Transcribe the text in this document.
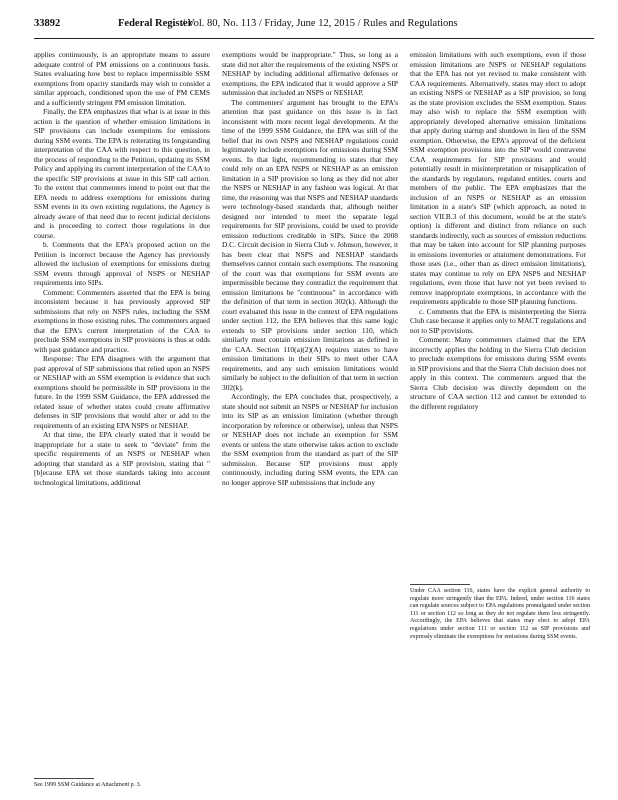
33892	Federal Register
/ Vol. 80, No. 113 / Friday, June 12, 2015 / Rules and Regulations

applies continuously, is an appropriate means to assure adequate control of PM emissions on a continuous basis. States evaluating how best to replace impermissible SSM exemptions from opacity standards may wish to consider a similar approach, conditioned upon the use of PM CEMS and a sufficiently stringent PM emission limitation.

Finally, the EPA emphasizes that what is at issue in this action is the question of whether emission limitations in SIP provisions can include exemptions for emissions during SSM events. The EPA is reiterating its longstanding interpretation of the CAA with respect to this question, in the process of responding to the Petition, updating its SSM Policy and applying its current interpretation of the CAA to the specific SIP provisions at issue in this SIP call action. To the extent that commenters intend to point out that the EPA needs to address exemptions for emissions during SSM events in its own existing regulations, the Agency is already aware of that need due to recent judicial decisions and is proceeding to correct those regulations in due course.

b. Comments that the EPA's proposed action on the Petition is incorrect because the Agency has previously allowed the inclusion of exemptions for emissions during SSM events through approval of NSPS or NESHAP requirements into SIPs.

Comment: Commenters asserted that the EPA is being inconsistent because it has previously approved SIP submissions that rely on NSPS rules, including the SSM exemptions in those existing rules. The commenters argued that the EPA's current interpretation of the CAA to preclude SSM exemptions in SIP provisions is thus at odds with past guidance and practice.

Response: The EPA disagrees with the argument that past approval of SIP submissions that relied upon an NSPS or NESHAP with an SSM exemption is evidence that such exemptions should be permissible in SIP provisions in the future. In the 1999 SSM Guidance, the EPA addressed the related issue of whether states could create affirmative defenses in SIP provisions that would alter or add to the requirements of an existing EPA NSPS or NESHAP.

At that time, the EPA clearly stated that it would be inappropriate for a state to seek to "deviate" from the specific requirements of an NSPS or NESHAP when adopting that standard as a SIP provision, stating that "[b]ecause EPA set those standards taking into account technological limitations, additional

exemptions would be inappropriate." Thus, so long as a state did not alter the requirements of the existing NSPS or NESHAP by including additional affirmative defenses or exemptions, the EPA indicated that it would approve a SIP submission that included an NSPS or NESHAP.

The commenters' argument has brought to the EPA's attention that past guidance on this issue is in fact inconsistent with more recent legal developments. At the time of the 1999 SSM Guidance, the EPA was still of the belief that its own NSPS and NESHAP regulations could legitimately include exemptions for emissions during SSM events. In that light, recommending to states that they could rely on an EPA NSPS or NESHAP as an emission limitation in a SIP provision so long as they did not alter the NSPS or NESHAP in any fashion was logical. At that time, the reasoning was that NSPS and NESHAP standards were technology-based standards that, although neither designed nor intended to meet the separate legal requirements for SIP provisions, could be used to provide emission reductions creditable in SIPs. Since the 2008 D.C. Circuit decision in Sierra Club v. Johnson, however, it has been clear that NSPS and NESHAP standards themselves cannot contain such exemptions. The reasoning of the court was that exemptions for SSM events are impermissible because they contradict the requirement that emission limitations be "continuous" in accordance with the definition of that term in section 302(k). Although the court evaluated this issue in the context of EPA regulations under section 112, the EPA believes that this same logic extends to SIP provisions under section 110, which similarly must contain emission limitations as defined in the CAA. Section 110(a)(2)(A) requires states to have emission limitations in their SIPs to meet other CAA requirements, and any such emission limitations would similarly be subject to the definition of that term in section 302(k).

Accordingly, the EPA concludes that, prospectively, a state should not submit an NSPS or NESHAP for inclusion into its SIP as an emission limitation (whether through incorporation by reference or otherwise), unless that NSPS or NESHAP does not include an exemption for SSM events or unless the state otherwise takes action to exclude the SSM exemption from the standard as part of the SIP submission. Because SIP provisions must apply continuously, including during SSM events, the EPA can no longer approve SIP submissions that include any

emission limitations with such exemptions, even if those emission limitations are NSPS or NESHAP regulations that the EPA has not yet revised to make consistent with CAA requirements. Alternatively, states may elect to adopt an existing NSPS or NESHAP as a SIP provision, so long as the state provision excludes the SSM exemption. States may also wish to replace the SSM exemption with appropriately developed alternative emission limitations that apply during startup and shutdown in lieu of the SSM exemption. Otherwise, the EPA's approval of the deficient SSM exemption provisions into the SIP would contravene CAA requirements for SIP provisions and would potentially result in misinterpretation or misapplication of the standards by regulators, regulated entities, courts and members of the public. The EPA emphasizes that the inclusion of an NSPS or NESHAP as an emission limitation in a state's SIP (which approach, as noted in section VII.B.3 of this document, would be at the state's option) is different and distinct from reliance on such standards indirectly, such as sources of emission reductions that may be taken into account for SIP planning purposes in emissions inventories or attainment demonstrations. For those uses (i.e., other than as direct emission limitations), states may continue to rely on EPA NSPS and NESHAP regulations, even those that have not yet been revised to remove inappropriate exemptions, in accordance with the requirements applicable to those SIP planning functions.

c. Comments that the EPA is misinterpreting the Sierra Club case because it applies only to MACT regulations and not to SIP provisions.

Comment: Many commenters claimed that the EPA incorrectly applies the holding in the Sierra Club decision to preclude exemptions for emissions during SSM events in SIP provisions and that the Sierra Club decision does not apply in this context. The commenters argued that the Sierra Club decision was directly dependent on the structure of CAA section 112 and cannot be extended to the different regulatory

See 1999 SSM Guidance at Attachment p. 3.
Under CAA section 116, states have the explicit general authority to regulate more stringently than the EPA. Indeed, under section 116 states can regulate sources subject to EPA regulations promulgated under section 111 or section 112 so long as they do not regulate them less stringently. Accordingly, the EPA believes that states may elect to adopt EPA regulations under section 111 or section 112 as SIP provisions and expressly eliminate the exemptions for emissions during SSM events.
